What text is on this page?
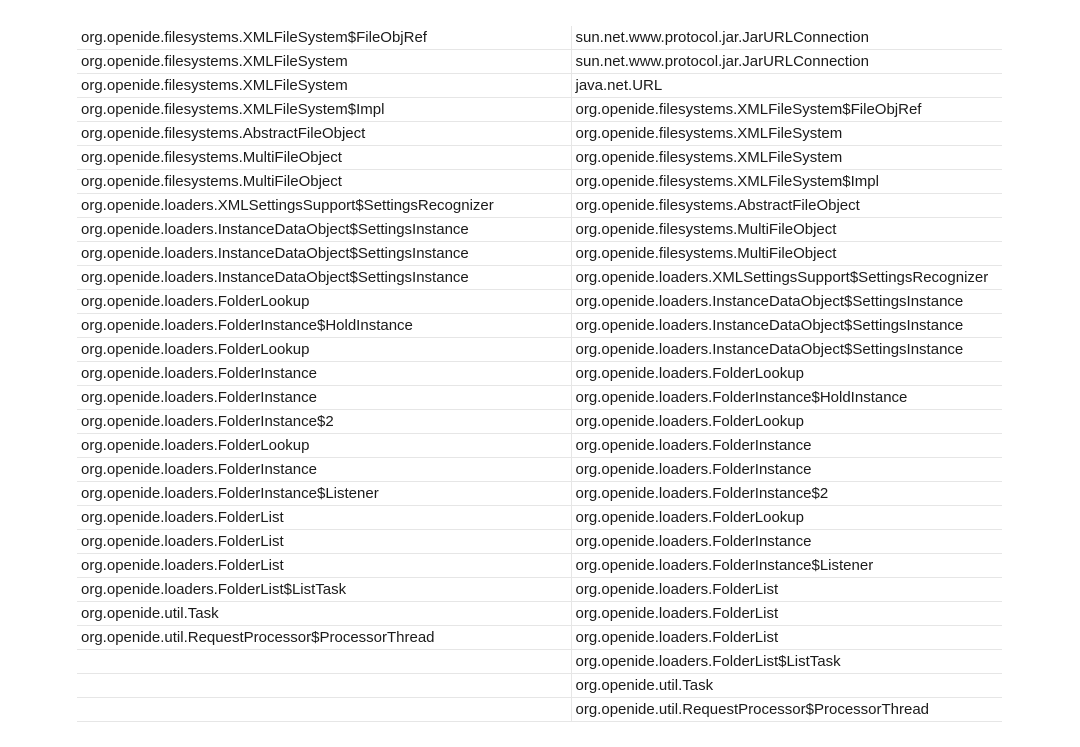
org.openide.filesystems.XMLFileSystem$FileObjRef	sun.net.www.protocol.jar.JarURLConnection
org.openide.filesystems.XMLFileSystem	sun.net.www.protocol.jar.JarURLConnection
org.openide.filesystems.XMLFileSystem	java.net.URL
org.openide.filesystems.XMLFileSystem$Impl	org.openide.filesystems.XMLFileSystem$FileObjRef
org.openide.filesystems.AbstractFileObject	org.openide.filesystems.XMLFileSystem
org.openide.filesystems.MultiFileObject	org.openide.filesystems.XMLFileSystem
org.openide.filesystems.MultiFileObject	org.openide.filesystems.XMLFileSystem$Impl
org.openide.loaders.XMLSettingsSupport$SettingsRecognizer	org.openide.filesystems.AbstractFileObject
org.openide.loaders.InstanceDataObject$SettingsInstance	org.openide.filesystems.MultiFileObject
org.openide.loaders.InstanceDataObject$SettingsInstance	org.openide.filesystems.MultiFileObject
org.openide.loaders.InstanceDataObject$SettingsInstance	org.openide.loaders.XMLSettingsSupport$SettingsRecognizer
org.openide.loaders.FolderLookup	org.openide.loaders.InstanceDataObject$SettingsInstance
org.openide.loaders.FolderInstance$HoldInstance	org.openide.loaders.InstanceDataObject$SettingsInstance
org.openide.loaders.FolderLookup	org.openide.loaders.InstanceDataObject$SettingsInstance
org.openide.loaders.FolderInstance	org.openide.loaders.FolderLookup
org.openide.loaders.FolderInstance	org.openide.loaders.FolderInstance$HoldInstance
org.openide.loaders.FolderInstance$2	org.openide.loaders.FolderLookup
org.openide.loaders.FolderLookup	org.openide.loaders.FolderInstance
org.openide.loaders.FolderInstance	org.openide.loaders.FolderInstance
org.openide.loaders.FolderInstance$Listener	org.openide.loaders.FolderInstance$2
org.openide.loaders.FolderList	org.openide.loaders.FolderLookup
org.openide.loaders.FolderList	org.openide.loaders.FolderInstance
org.openide.loaders.FolderList	org.openide.loaders.FolderInstance$Listener
org.openide.loaders.FolderList$ListTask	org.openide.loaders.FolderList
org.openide.util.Task	org.openide.loaders.FolderList
org.openide.util.RequestProcessor$ProcessorThread	org.openide.loaders.FolderList
	org.openide.loaders.FolderList$ListTask
	org.openide.util.Task
	org.openide.util.RequestProcessor$ProcessorThread
